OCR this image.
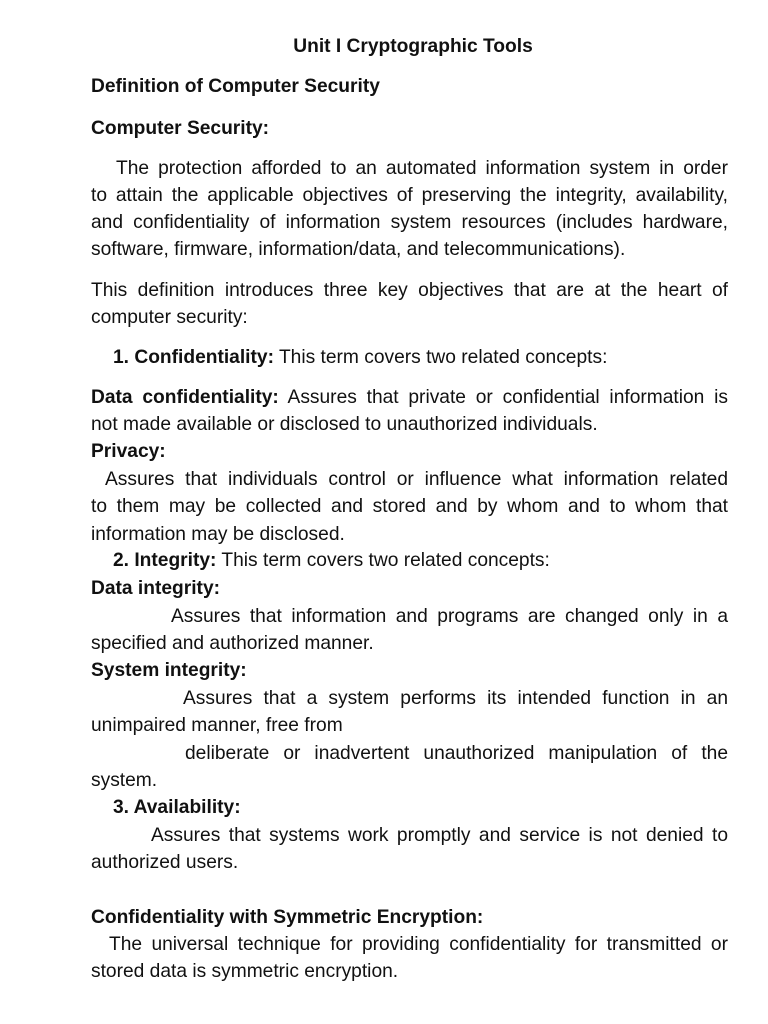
Unit I Cryptographic Tools

Definition of Computer Security

Computer Security:

The protection afforded to an automated information system in order

to attain the applicable objectives of preserving the integrity, availability,

and confidentiality of information system resources (includes hardware,

software, firmware, information/data, and telecommunications).

This definition introduces three key objectives that are at the heart of

computer security:

1. Confidentiality: This term covers two related concepts:

Data confidentiality: Assures that private or confidential information is

not made available or disclosed to unauthorized individuals.

Privacy:

Assures that individuals control or influence what information related

to them may be collected and stored and by whom and to whom that

information may be disclosed.

2. Integrity: This term covers two related concepts:

Data integrity:

Assures that information and programs are changed only in a

specified and authorized manner.

System integrity:

Assures that a system performs its intended function in an

unimpaired manner, free from

deliberate or inadvertent unauthorized manipulation of the

system.

3. Availability:

Assures that systems work promptly and service is not denied to

authorized users.

Confidentiality with Symmetric Encryption:

The universal technique for providing confidentiality for transmitted or

stored data is symmetric encryption.
